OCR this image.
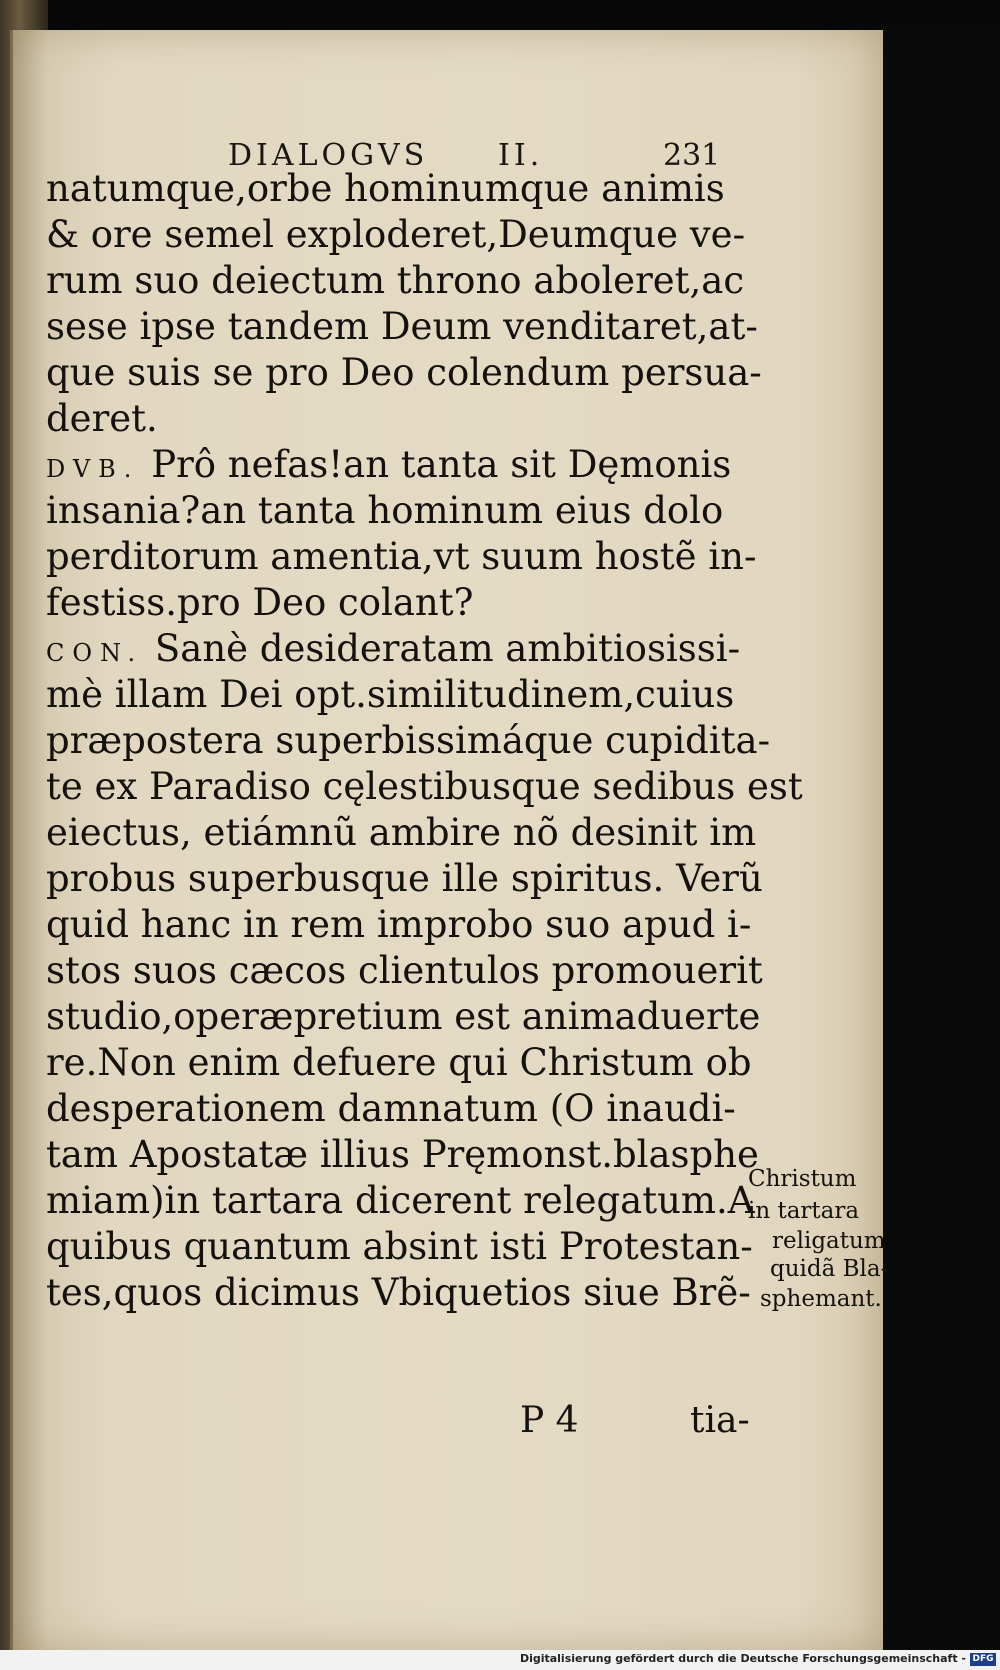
DIALOGVS II.	231
natumque,orbe hominumque animis
& ore semel exploderet,Deumque ve-
rum suo deiectum throno aboleret,ac
sese ipse tandem Deum venditaret,at-
que suis se pro Deo colendum persua-
deret.
DVB. Prô nefas!an tanta sit Dęmonis
insania?an tanta hominum eius dolo
perditorum amentia,vt suum hostẽ in-
festiss.pro Deo colant?
CON. Sanè desideratam ambitiosissi-
mè illam Dei opt.similitudinem,cuius
præpostera superbissimáque cupidita-
te ex Paradiso cęlestibusque sedibus est
eiectus, etiámnũ ambire nõ desinit im
probus superbusque ille spiritus. Verũ
quid hanc in rem improbo suo apud i-
stos suos cæcos clientulos promouerit
studio,operæpretium est animaduerte
re.Non enim defuere qui Christum ob
desperationem damnatum (O inaudi-
tam Apostatæ illius Pręmonst.blasphe
miam)in tartara dicerent relegatum.A
quibus quantum absint isti Protestan-
tes,quos dicimus Vbiquetios siue Brẽ-
Christum
in tartara
religatum
quidã Bla-
sphemant.
P 4	tia-
Digitalisierung gefördert durch die Deutsche Forschungsgemeinschaft - DFG
